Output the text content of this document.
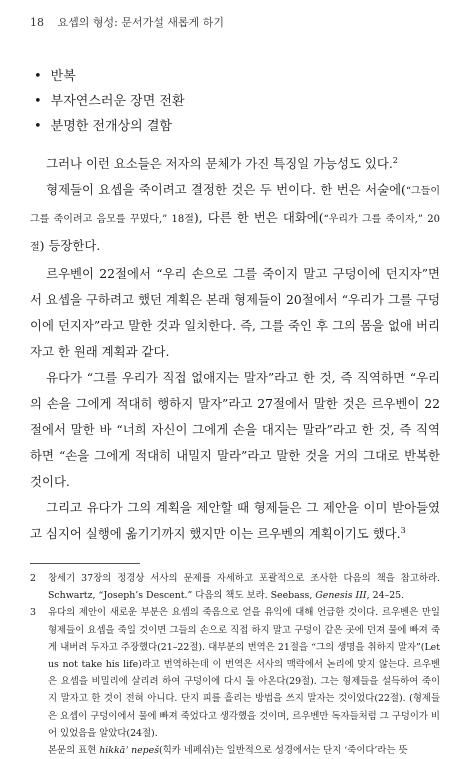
18 요셉의 형성: 문서가설 새롭게 하기
• 반복
• 부자연스러운 장면 전환
• 분명한 전개상의 결함

그러나 이런 요소들은 저자의 문체가 가진 특징일 가능성도 있다.$^2$

형제들이 요셉을 죽이려고 결정한 것은 두 번이다. 한 번은 서술에(“그들이 그를 죽이려고 음모를 꾸몄다,” 18절), 다른 한 번은 대화에(“우리가 그를 죽이자,” 20절) 등장한다.

르우벤이 22절에서 “우리 손으로 그를 죽이지 말고 구덩이에 던지자”면서 요셉을 구하려고 했던 계획은 본래 형제들이 20절에서 “우리가 그를 구덩이에 던지자”라고 말한 것과 일치한다. 즉, 그를 죽인 후 그의 몸을 없애 버리자고 한 원래 계획과 같다.

유다가 “그를 우리가 직접 없애지는 말자”라고 한 것, 즉 직역하면 “우리의 손을 그에게 적대히 행하지 말자”라고 27절에서 말한 것은 르우벤이 22절에서 말한 바 “너희 자신이 그에게 손을 대지는 말라”라고 한 것, 즉 직역하면 “손을 그에게 적대히 내밀지 말라”라고 말한 것을 거의 그대로 반복한 것이다.

그리고 유다가 그의 계획을 제안할 때 형제들은 그 제안을 이미 받아들였고 심지어 실행에 옮기기까지 했지만 이는 르우벤의 계획이기도 했다.$^3$

2	창세기 37장의 정경상 서사의 문제를 자세하고 포괄적으로 조사한 다음의 책을 참고하라. Schwartz, “Joseph’s Descent.” 다음의 책도 보라. Seebass, Genesis III, 24–25.
3	유다의 제안이 새로운 부분은 요셉의 죽음으로 얻을 유익에 대해 언급한 것이다. 르우벤은 만일 형제들이 요셉을 죽일 것이면 그들의 손으로 직접 하지 말고 구덩이 같은 곳에 던져 물에 빠져 죽게 내버려 두자고 주장했다(21–22절). 대부분의 번역은 21절을 “그의 생명을 취하지 말자”(Let us not take his life)라고 번역하는데 이 번역은 서사의 맥락에서 논리에 맞지 않는다. 르우벤은 요셉을 비밀리에 살리려 하여 구덩이에 다시 둘 아온다(29절). 그는 형제들을 설득하여 죽이지 말자고 한 것이 전혀 아니다. 단지 피를 흘리는 방법을 쓰지 말자는 것이었다(22절). (형제들은 요셉이 구덩이에서 물에 빠져 죽었다고 생각했을 것이며, 르우벤만 독자들처럼 그 구덩이가 비어 있었음을 알았다(24절).
본문의 표현 hikkāʾ nepeš(힉카 네페쉬)는 일반적으로 성경에서는 단지 ‘죽이다’라는 뜻
